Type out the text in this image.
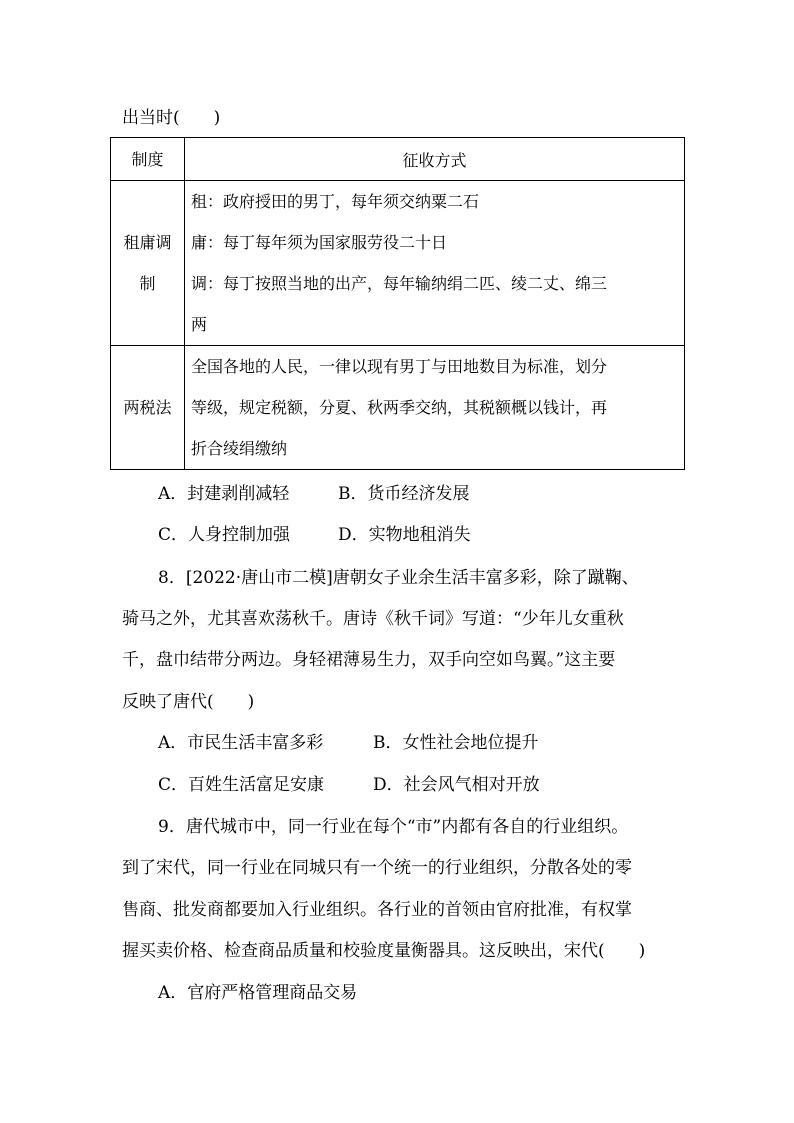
出当时(　　)
制度	征收方式

租庸调
制	租：政府授田的男丁，每年须交纳粟二石
庸：每丁每年须为国家服劳役二十日
调：每丁按照当地的出产，每年输纳绢二匹、绫二丈、绵三
两

两税法	全国各地的人民，一律以现有男丁与田地数目为标准，划分
等级，规定税额，分夏、秋两季交纳，其税额概以钱计，再
折合绫绢缴纳
A．封建剥削减轻	B．货币经济发展
C．人身控制加强	D．实物地租消失
8．[2022·唐山市二模]唐朝女子业余生活丰富多彩，除了蹴鞠、
骑马之外，尤其喜欢荡秋千。唐诗《秋千词》写道：“少年儿女重秋
千，盘巾结带分两边。身轻裙薄易生力，双手向空如鸟翼。”这主要
反映了唐代(　　)
A．市民生活丰富多彩	B．女性社会地位提升
C．百姓生活富足安康	D．社会风气相对开放
9．唐代城市中，同一行业在每个“市”内都有各自的行业组织。
到了宋代，同一行业在同城只有一个统一的行业组织，分散各处的零
售商、批发商都要加入行业组织。各行业的首领由官府批准，有权掌
握买卖价格、检查商品质量和校验度量衡器具。这反映出，宋代(　　)
A．官府严格管理商品交易
